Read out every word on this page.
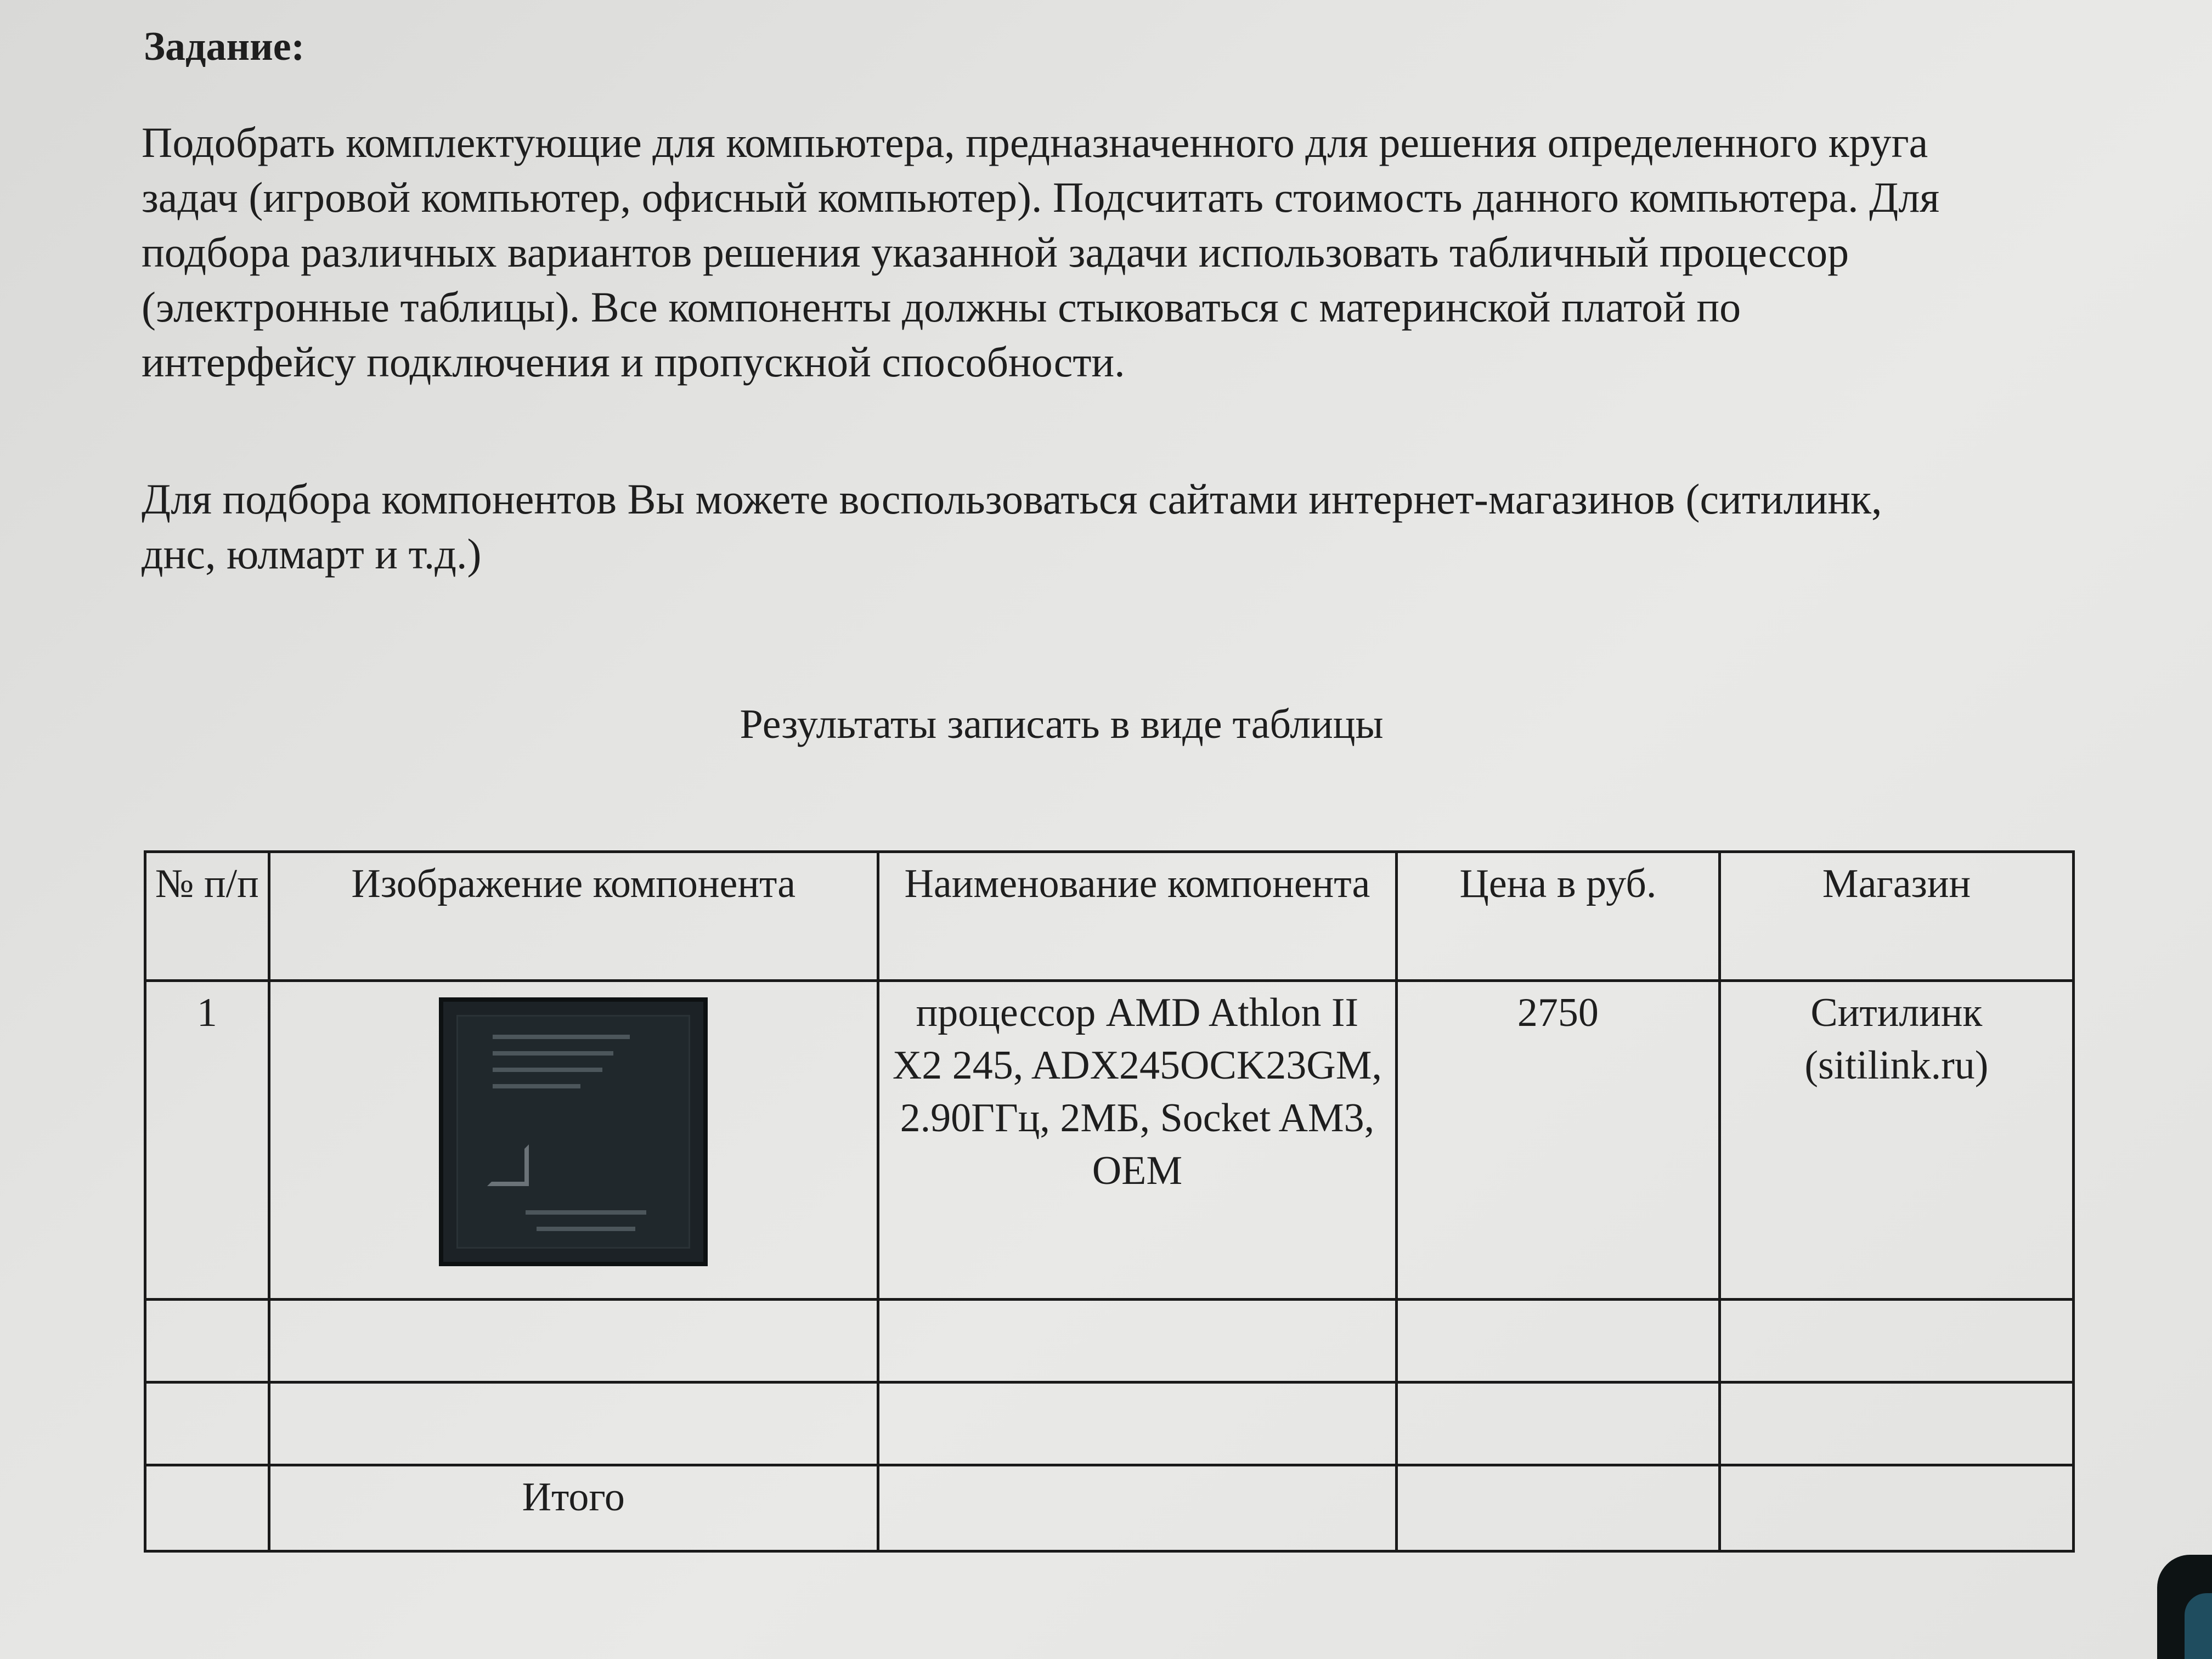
Задание:

Подобрать комплектующие для компьютера, предназначенного для решения определенного круга задач (игровой компьютер, офисный компьютер). Подсчитать стоимость данного компьютера. Для подбора различных вариантов решения указанной задачи использовать табличный процессор (электронные таблицы). Все компоненты должны стыковаться с материнской платой по интерфейсу подключения и пропускной способности.

Для подбора компонентов Вы можете воспользоваться сайтами интернет-магазинов (ситилинк, днс, юлмарт и т.д.)

Результаты записать в виде таблицы
№ п/п	Изображение компонента	Наименование компонента	Цена в руб.	Магазин
1		процессор AMD Athlon II X2 245, ADX245OCK23GM, 2.90ГГц, 2МБ, Socket AM3, OEM	2750	Ситилинк (sitilink.ru)

	Итого			
